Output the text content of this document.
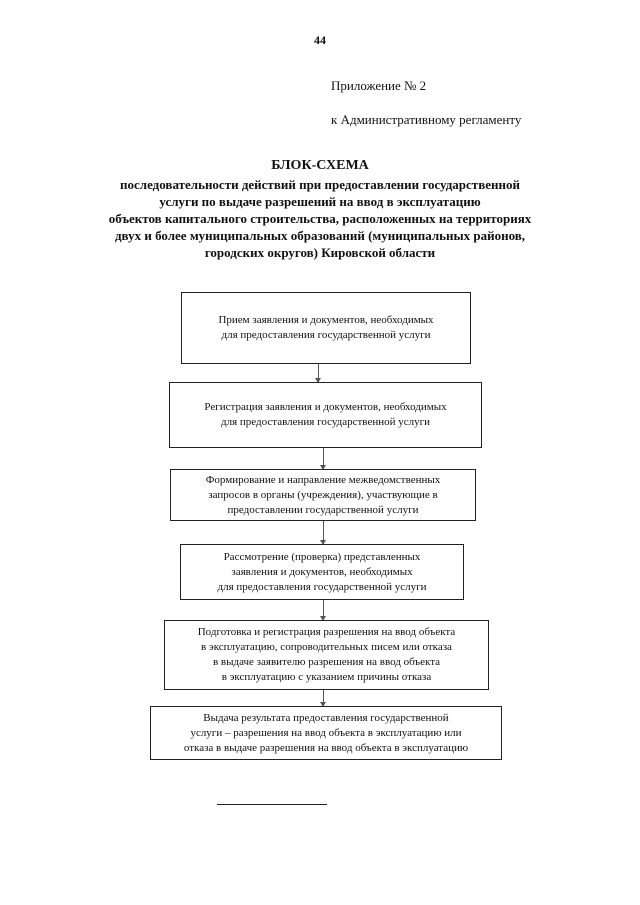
44
Приложение № 2
к Административному регламенту
БЛОК-СХЕМА
последовательности действий при предоставлении государственной
услуги по выдаче разрешений на ввод в эксплуатацию
объектов капитального строительства, расположенных на территориях
двух и более муниципальных образований (муниципальных районов,
городских округов) Кировской области
Прием заявления и документов, необходимых
для предоставления государственной услуги
Регистрация заявления и документов, необходимых
для предоставления государственной услуги
Формирование и направление межведомственных
запросов в органы (учреждения), участвующие в
предоставлении государственной услуги
Рассмотрение (проверка) представленных
заявления и документов, необходимых
для предоставления государственной услуги
Подготовка и регистрация разрешения на ввод объекта
в эксплуатацию, сопроводительных писем или отказа
в выдаче заявителю разрешения на ввод объекта
в эксплуатацию с указанием причины отказа
Выдача результата предоставления государственной
услуги – разрешения на ввод объекта в эксплуатацию или
отказа в выдаче разрешения на ввод объекта в эксплуатацию
